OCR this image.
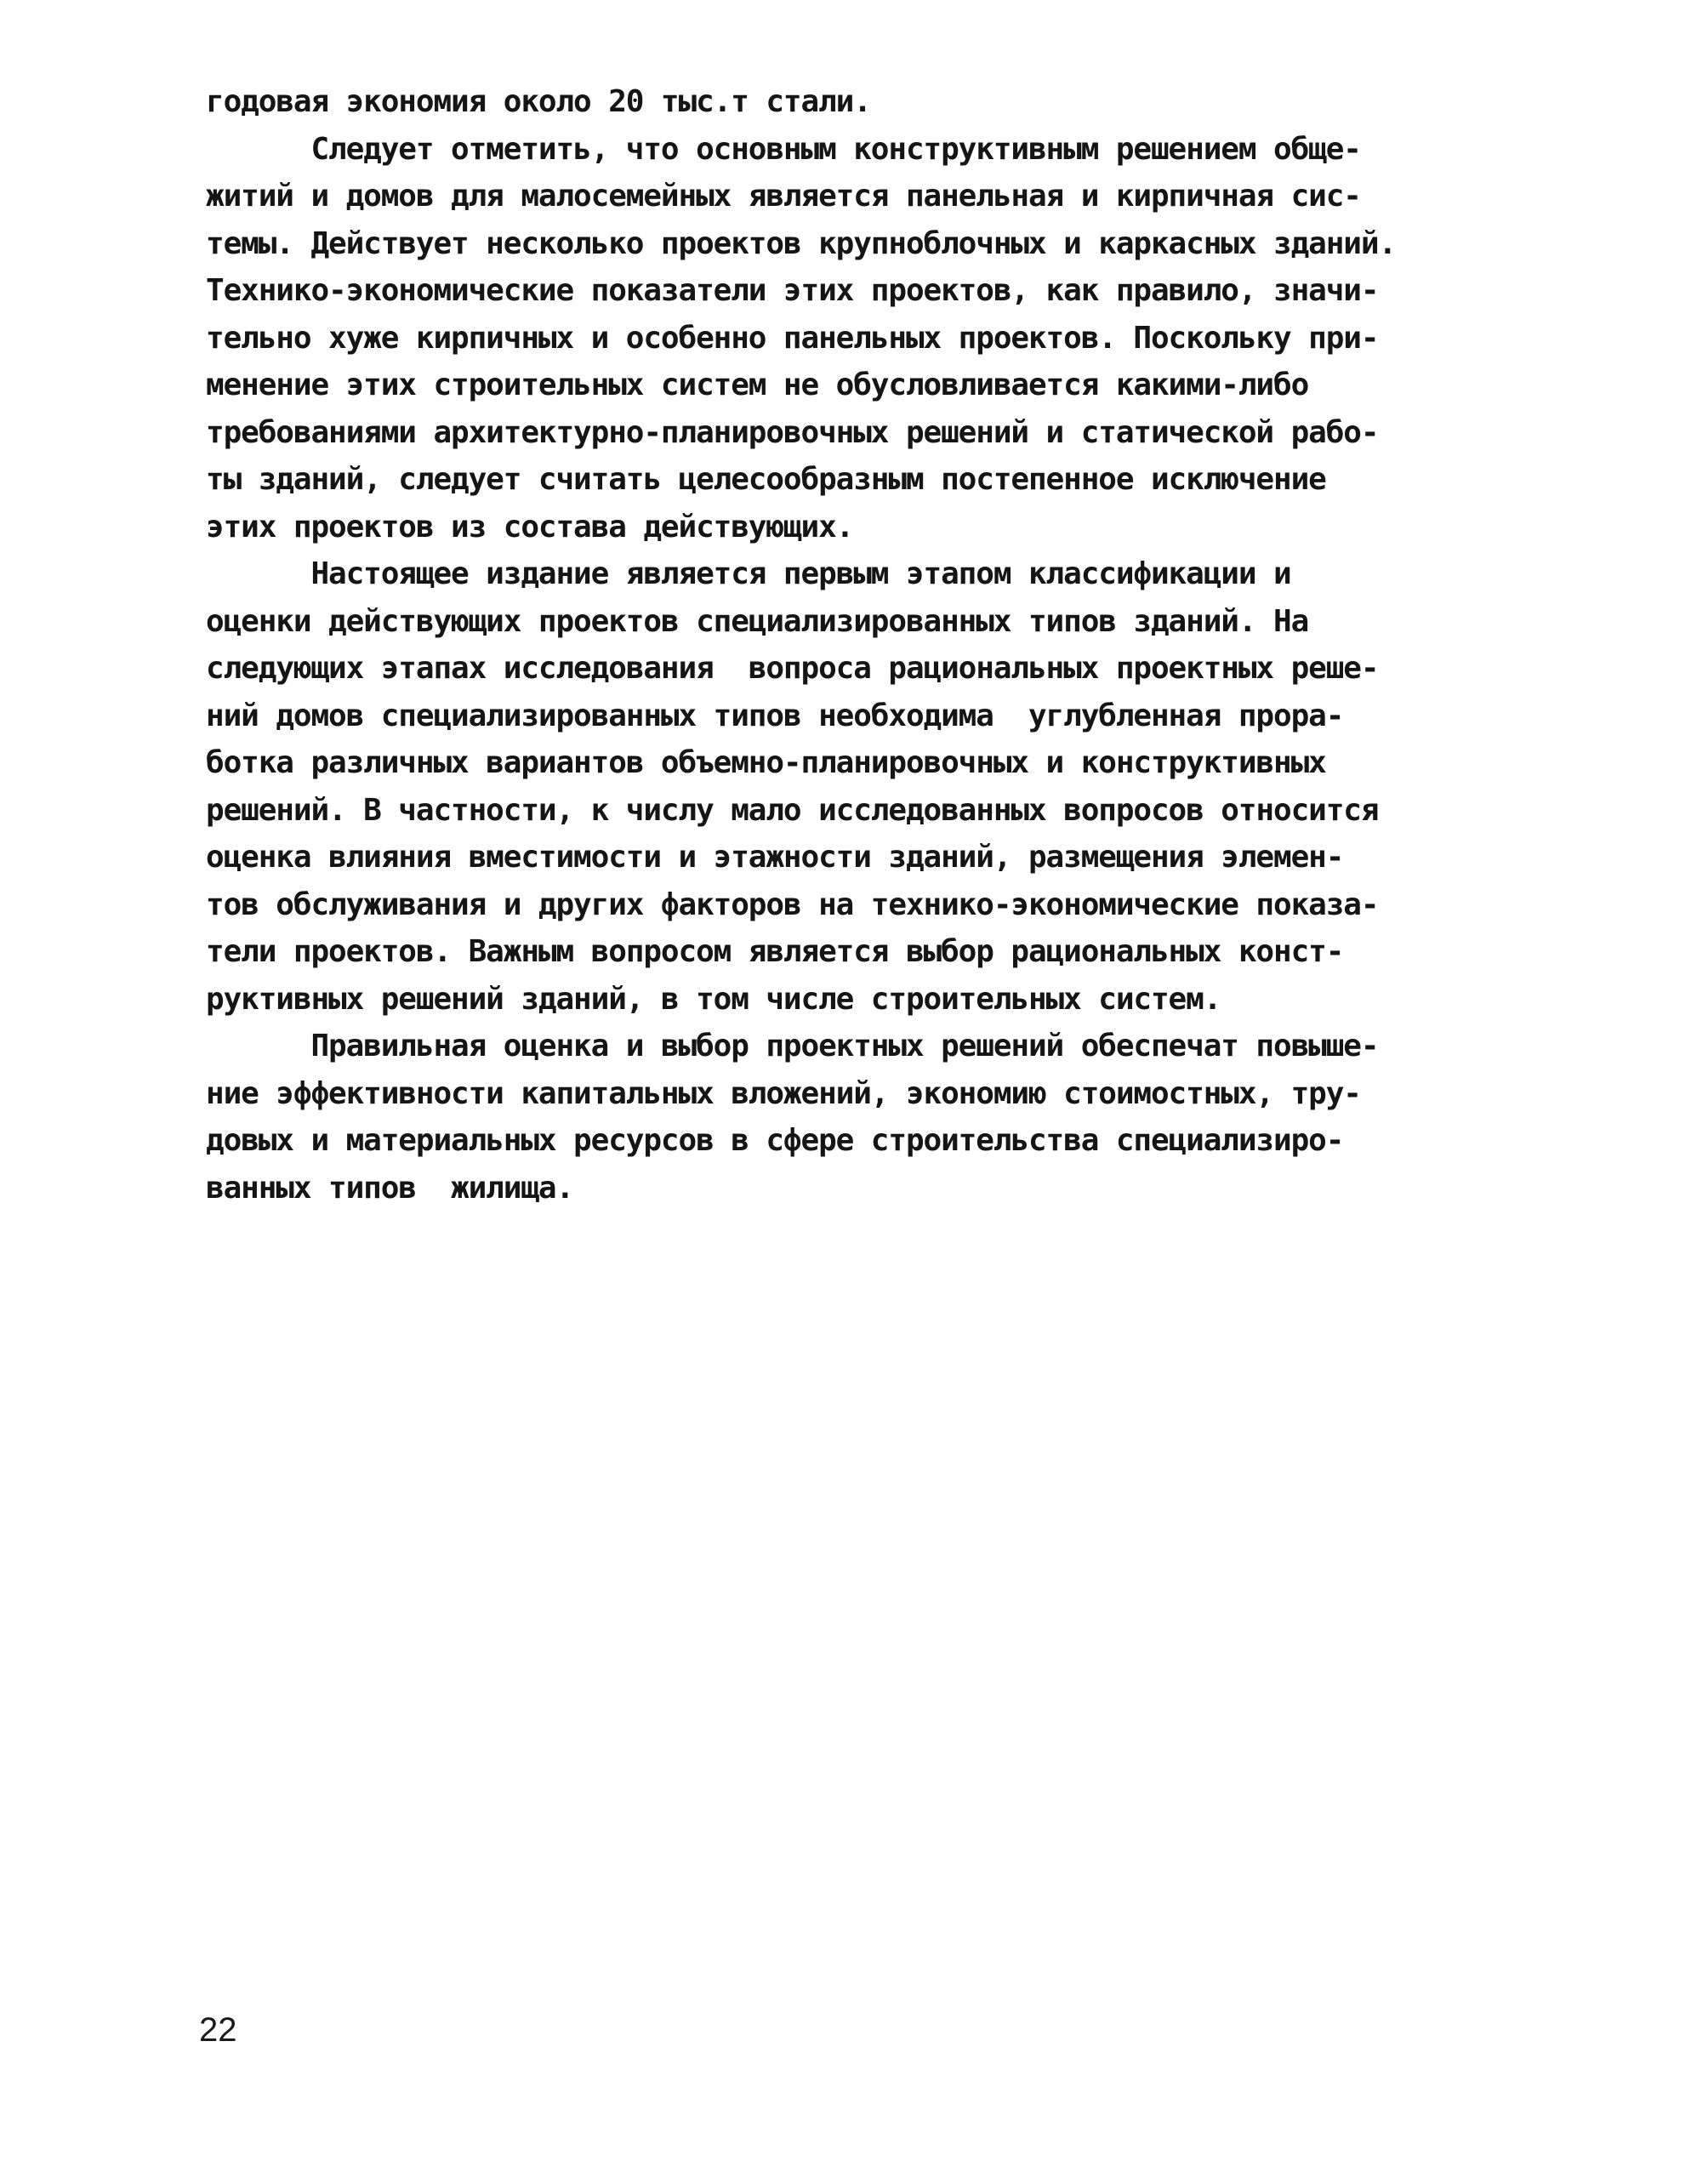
годовая экономия около 20 тыс.т стали.
Следует отметить, что основным конструктивным решением обще-
житий и домов для малосемейных является панельная и кирпичная сис-
темы. Действует несколько проектов крупноблочных и каркасных зданий.
Технико-экономические показатели этих проектов, как правило, значи-
тельно хуже кирпичных и особенно панельных проектов. Поскольку при-
менение этих строительных систем не обусловливается какими-либо
требованиями архитектурно-планировочных решений и статической рабо-
ты зданий, следует считать целесообразным постепенное исключение
этих проектов из состава действующих.
Настоящее издание является первым этапом классификации и
оценки действующих проектов специализированных типов зданий. На
следующих этапах исследования  вопроса рациональных проектных реше-
ний домов специализированных типов необходима  углубленная прора-
ботка различных вариантов объемно-планировочных и конструктивных
решений. В частности, к числу мало исследованных вопросов относится
оценка влияния вместимости и этажности зданий, размещения элемен-
тов обслуживания и других факторов на технико-экономические показа-
тели проектов. Важным вопросом является выбор рациональных конст-
руктивных решений зданий, в том числе строительных систем.
Правильная оценка и выбор проектных решений обеспечат повыше-
ние эффективности капитальных вложений, экономию стоимостных, тру-
довых и материальных ресурсов в сфере строительства специализиро-
ванных типов  жилища.
22
